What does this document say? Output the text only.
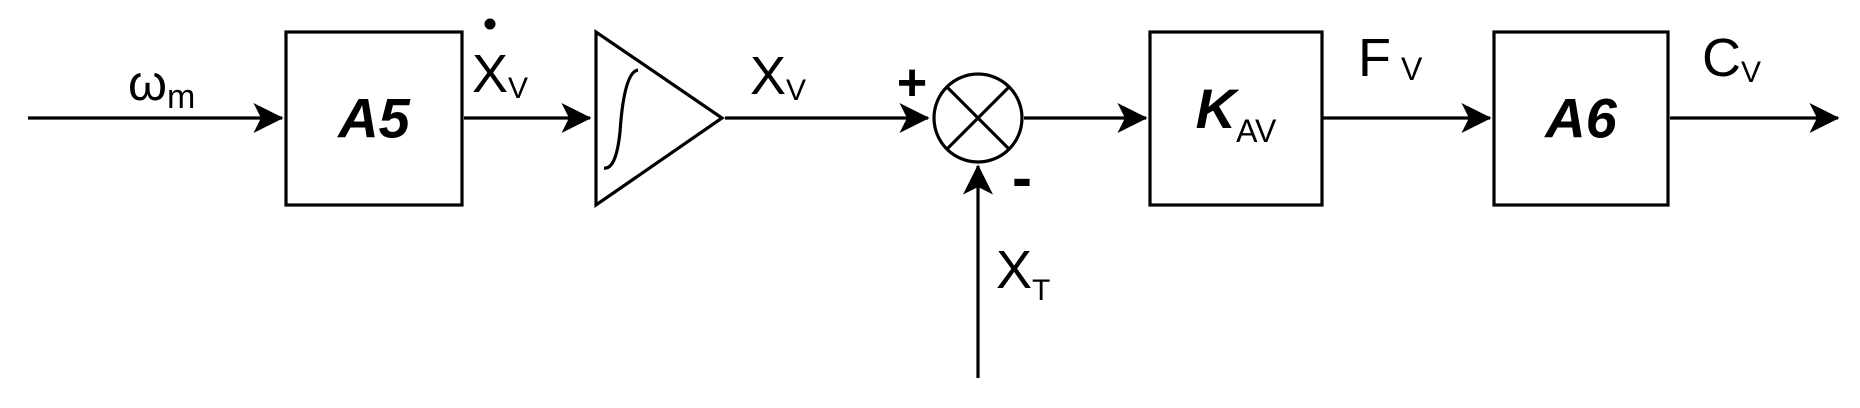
A5
+
-
$K_{AV}$	A6
ωm	XV	XV
$X_T$
F V	CV
